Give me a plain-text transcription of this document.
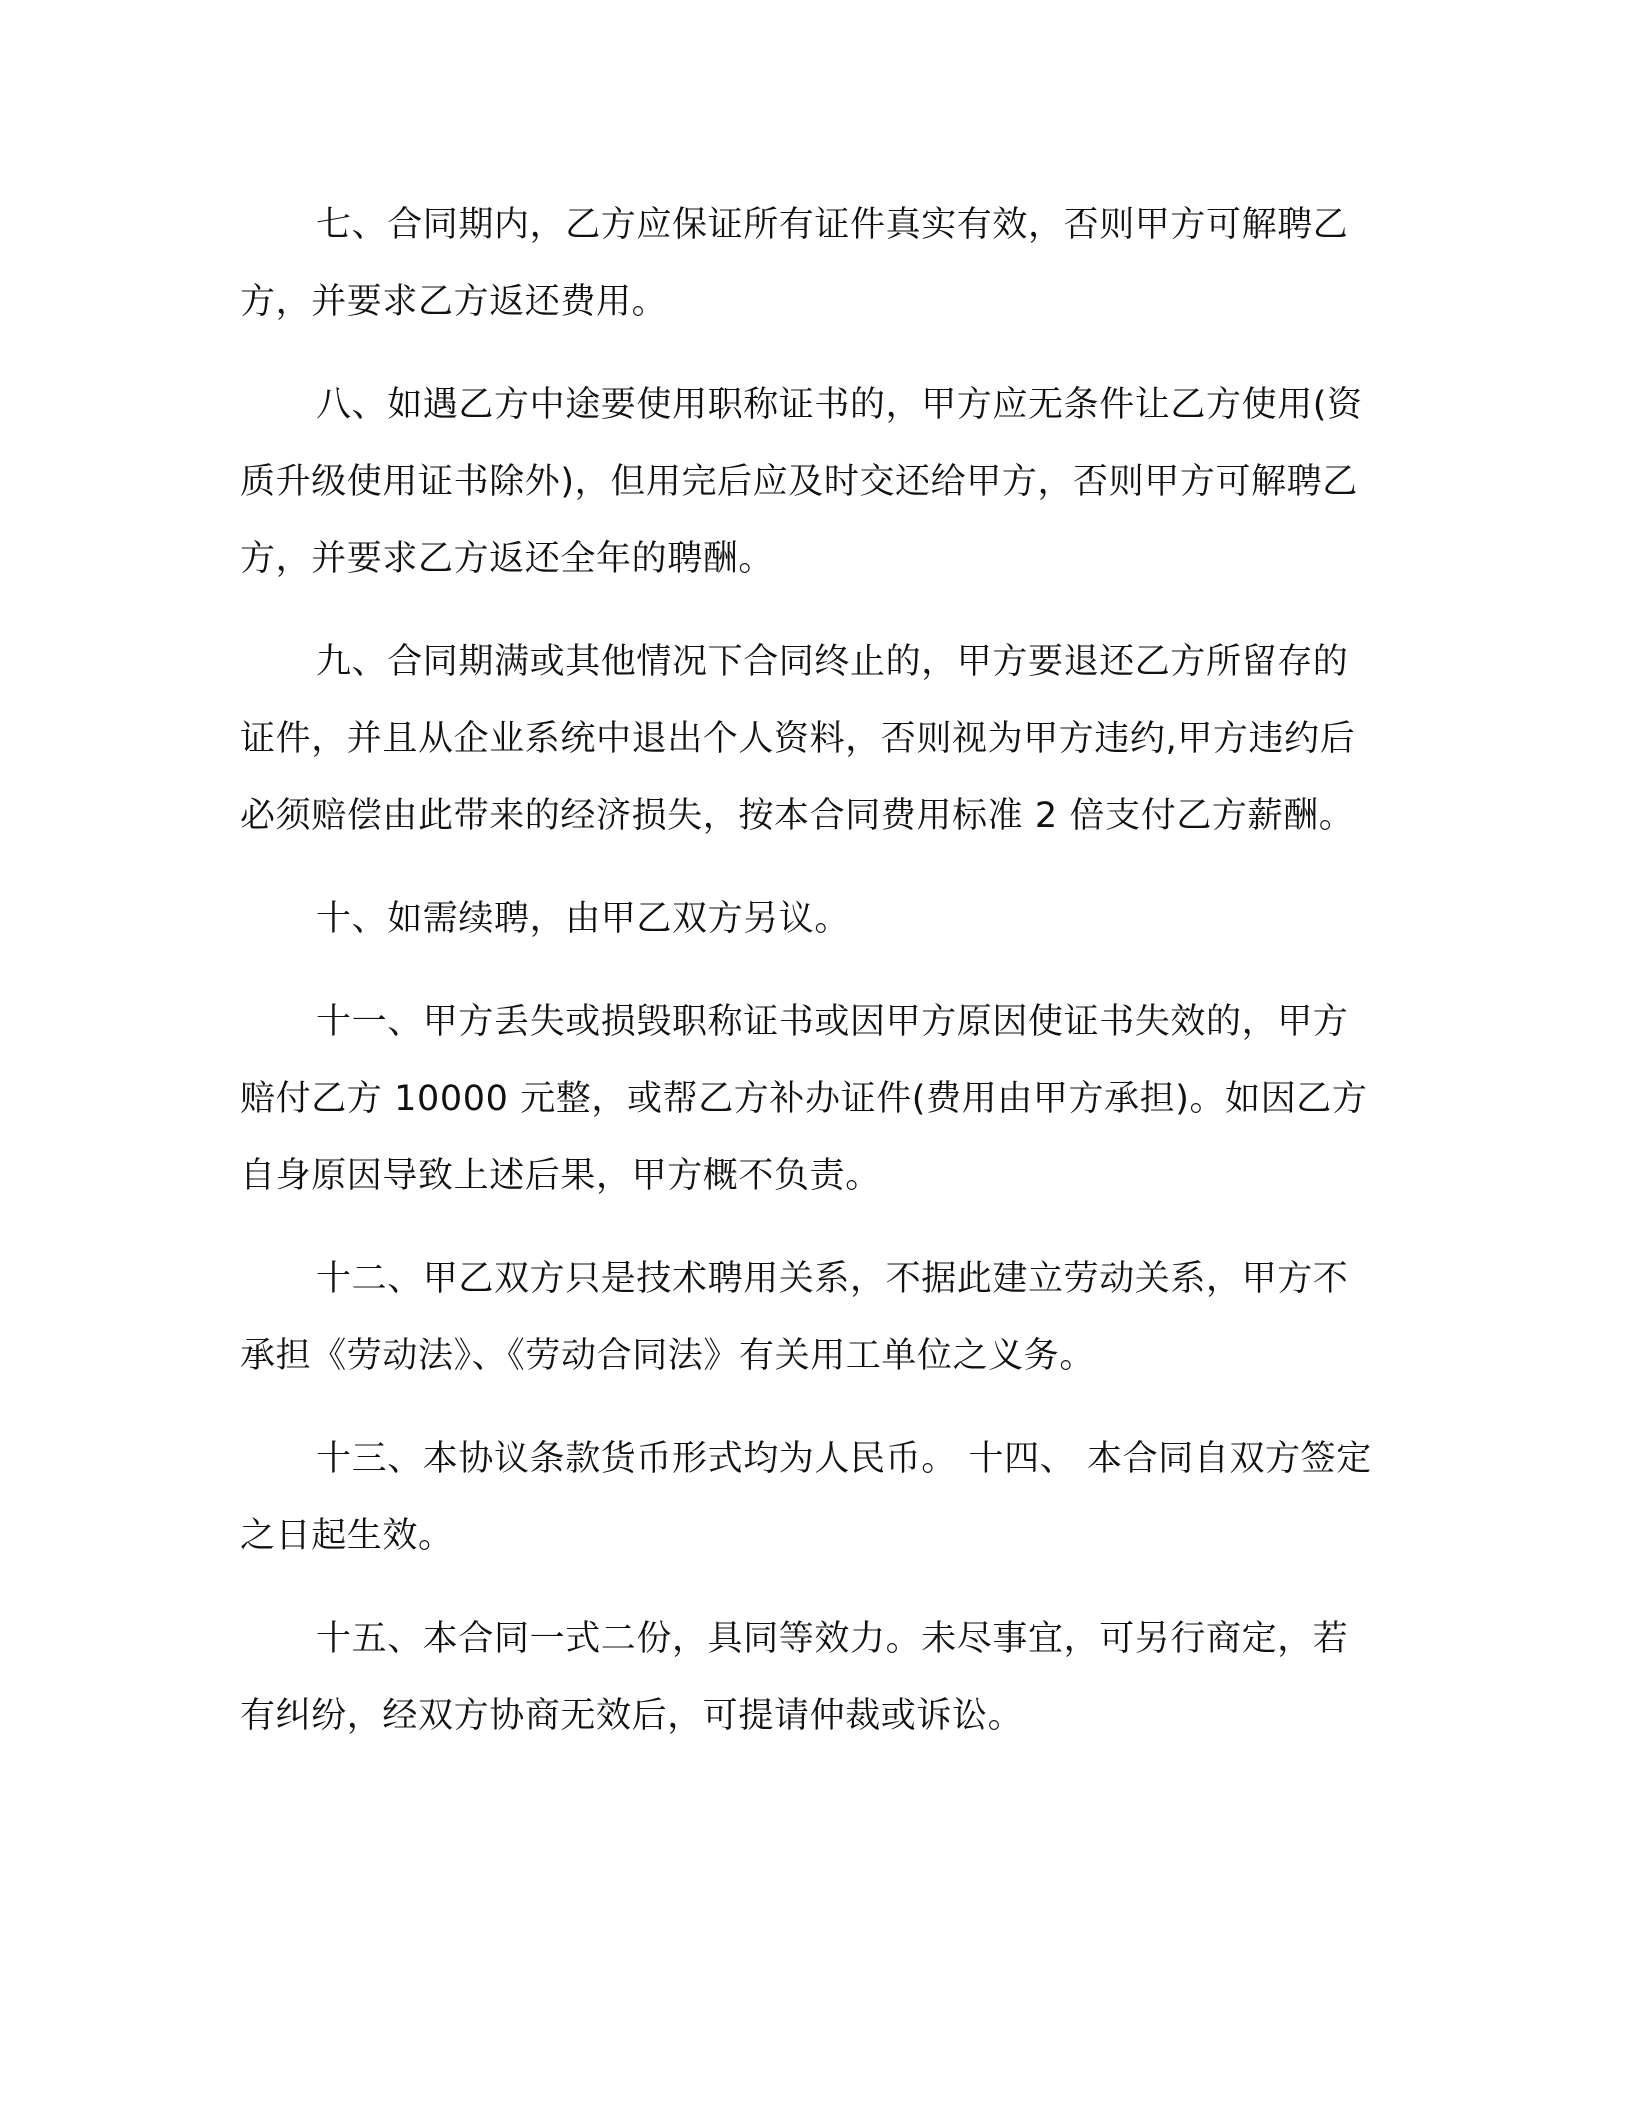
七、合同期内，乙方应保证所有证件真实有效，否则甲方可解聘乙方，并要求乙方返还费用。

八、如遇乙方中途要使用职称证书的，甲方应无条件让乙方使用(资质升级使用证书除外)，但用完后应及时交还给甲方，否则甲方可解聘乙方，并要求乙方返还全年的聘酬。

九、合同期满或其他情况下合同终止的，甲方要退还乙方所留存的证件，并且从企业系统中退出个人资料，否则视为甲方违约,甲方违约后必须赔偿由此带来的经济损失，按本合同费用标准 2 倍支付乙方薪酬。

十、如需续聘，由甲乙双方另议。

十一、甲方丢失或损毁职称证书或因甲方原因使证书失效的，甲方赔付乙方 10000 元整，或帮乙方补办证件(费用由甲方承担)。如因乙方自身原因导致上述后果，甲方概不负责。

十二、甲乙双方只是技术聘用关系，不据此建立劳动关系，甲方不承担《劳动法》、《劳动合同法》有关用工单位之义务。

十三、本协议条款货币形式均为人民币。 十四、 本合同自双方签定之日起生效。

十五、本合同一式二份，具同等效力。未尽事宜，可另行商定，若有纠纷，经双方协商无效后，可提请仲裁或诉讼。
